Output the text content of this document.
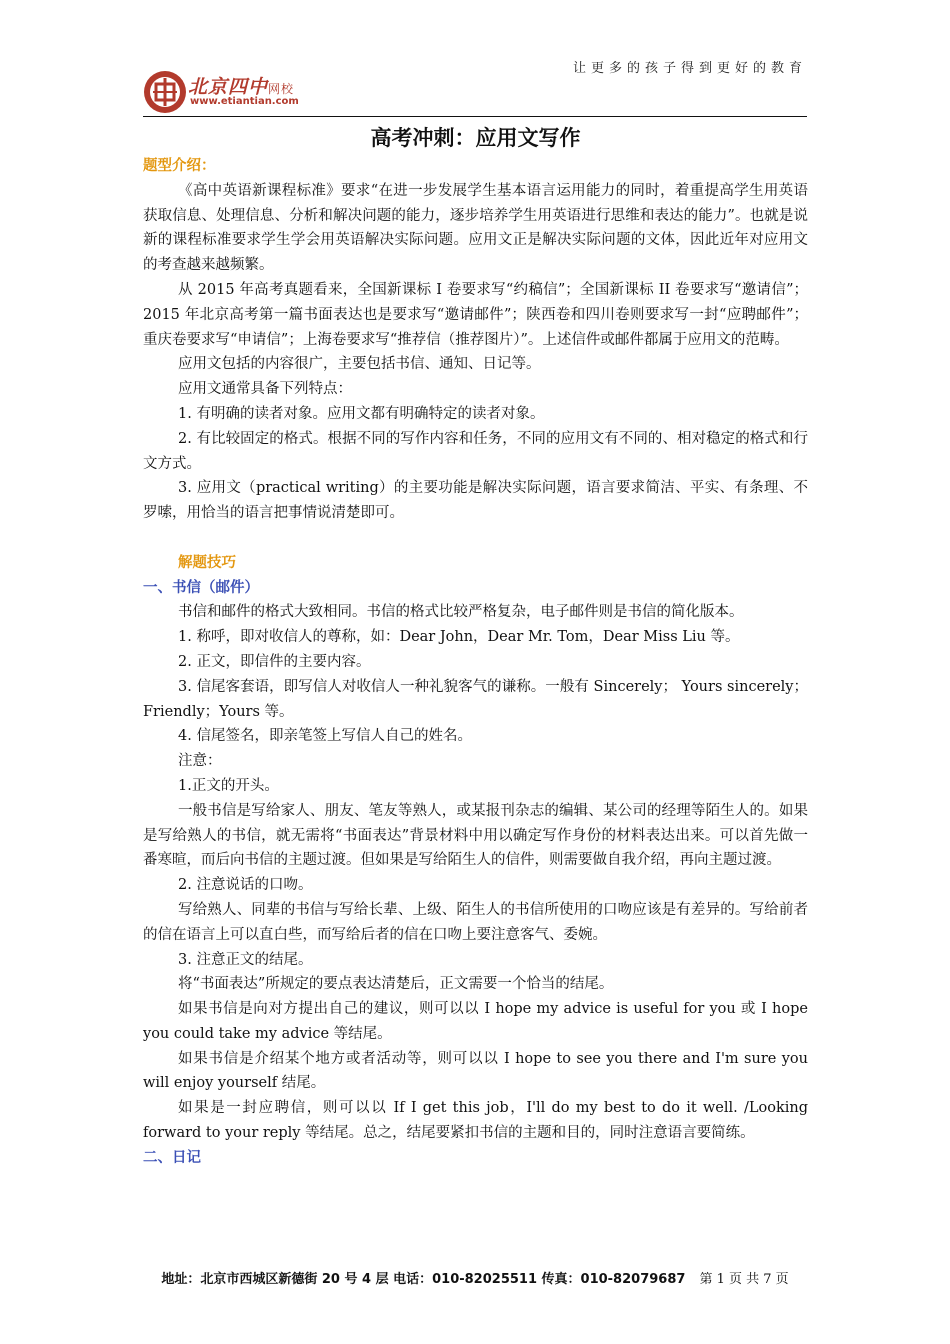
让更多的孩子得到更好的教育
北京四中网校
www.etiantian.com
高考冲刺：应用文写作
题型介绍：

《高中英语新课程标准》要求“在进一步发展学生基本语言运用能力的同时，着重提高学生用英语获取信息、处理信息、分析和解决问题的能力，逐步培养学生用英语进行思维和表达的能力”。也就是说新的课程标准要求学生学会用英语解决实际问题。应用文正是解决实际问题的文体，因此近年对应用文的考查越来越频繁。

从 2015 年高考真题看来，全国新课标 I 卷要求写“约稿信”；全国新课标 II 卷要求写“邀请信”；2015 年北京高考第一篇书面表达也是要求写“邀请邮件”；陕西卷和四川卷则要求写一封“应聘邮件”；重庆卷要求写“申请信”；上海卷要求写“推荐信（推荐图片）”。上述信件或邮件都属于应用文的范畴。

应用文包括的内容很广，主要包括书信、通知、日记等。

应用文通常具备下列特点：

1. 有明确的读者对象。应用文都有明确特定的读者对象。

2. 有比较固定的格式。根据不同的写作内容和任务，不同的应用文有不同的、相对稳定的格式和行文方式。

3. 应用文（practical writing）的主要功能是解决实际问题，语言要求简洁、平实、有条理、不罗嗦，用恰当的语言把事情说清楚即可。

解题技巧
一、书信（邮件）

书信和邮件的格式大致相同。书信的格式比较严格复杂，电子邮件则是书信的简化版本。

1. 称呼，即对收信人的尊称，如：Dear John，Dear Mr. Tom，Dear Miss Liu 等。

2. 正文，即信件的主要内容。

3. 信尾客套语，即写信人对收信人一种礼貌客气的谦称。一般有 Sincerely； Yours sincerely；Friendly；Yours 等。

4. 信尾签名，即亲笔签上写信人自己的姓名。

注意：

1.正文的开头。

一般书信是写给家人、朋友、笔友等熟人，或某报刊杂志的编辑、某公司的经理等陌生人的。如果是写给熟人的书信，就无需将“书面表达”背景材料中用以确定写作身份的材料表达出来。可以首先做一番寒暄，而后向书信的主题过渡。但如果是写给陌生人的信件，则需要做自我介绍，再向主题过渡。

2. 注意说话的口吻。

写给熟人、同辈的书信与写给长辈、上级、陌生人的书信所使用的口吻应该是有差异的。写给前者的信在语言上可以直白些，而写给后者的信在口吻上要注意客气、委婉。

3. 注意正文的结尾。

将“书面表达”所规定的要点表达清楚后，正文需要一个恰当的结尾。

如果书信是向对方提出自己的建议，则可以以 I hope my advice is useful for you 或 I hope you could take my advice 等结尾。

如果书信是介绍某个地方或者活动等，则可以以 I hope to see you there and I'm sure you will enjoy yourself 结尾。

如果是一封应聘信，则可以以 If I get this job，I'll do my best to do it well. /Looking forward to your reply 等结尾。总之，结尾要紧扣书信的主题和目的，同时注意语言要简练。

二、日记
地址：北京市西城区新德街 20 号 4 层 电话：010-82025511 传真：010-82079687 第 1 页 共 7 页
